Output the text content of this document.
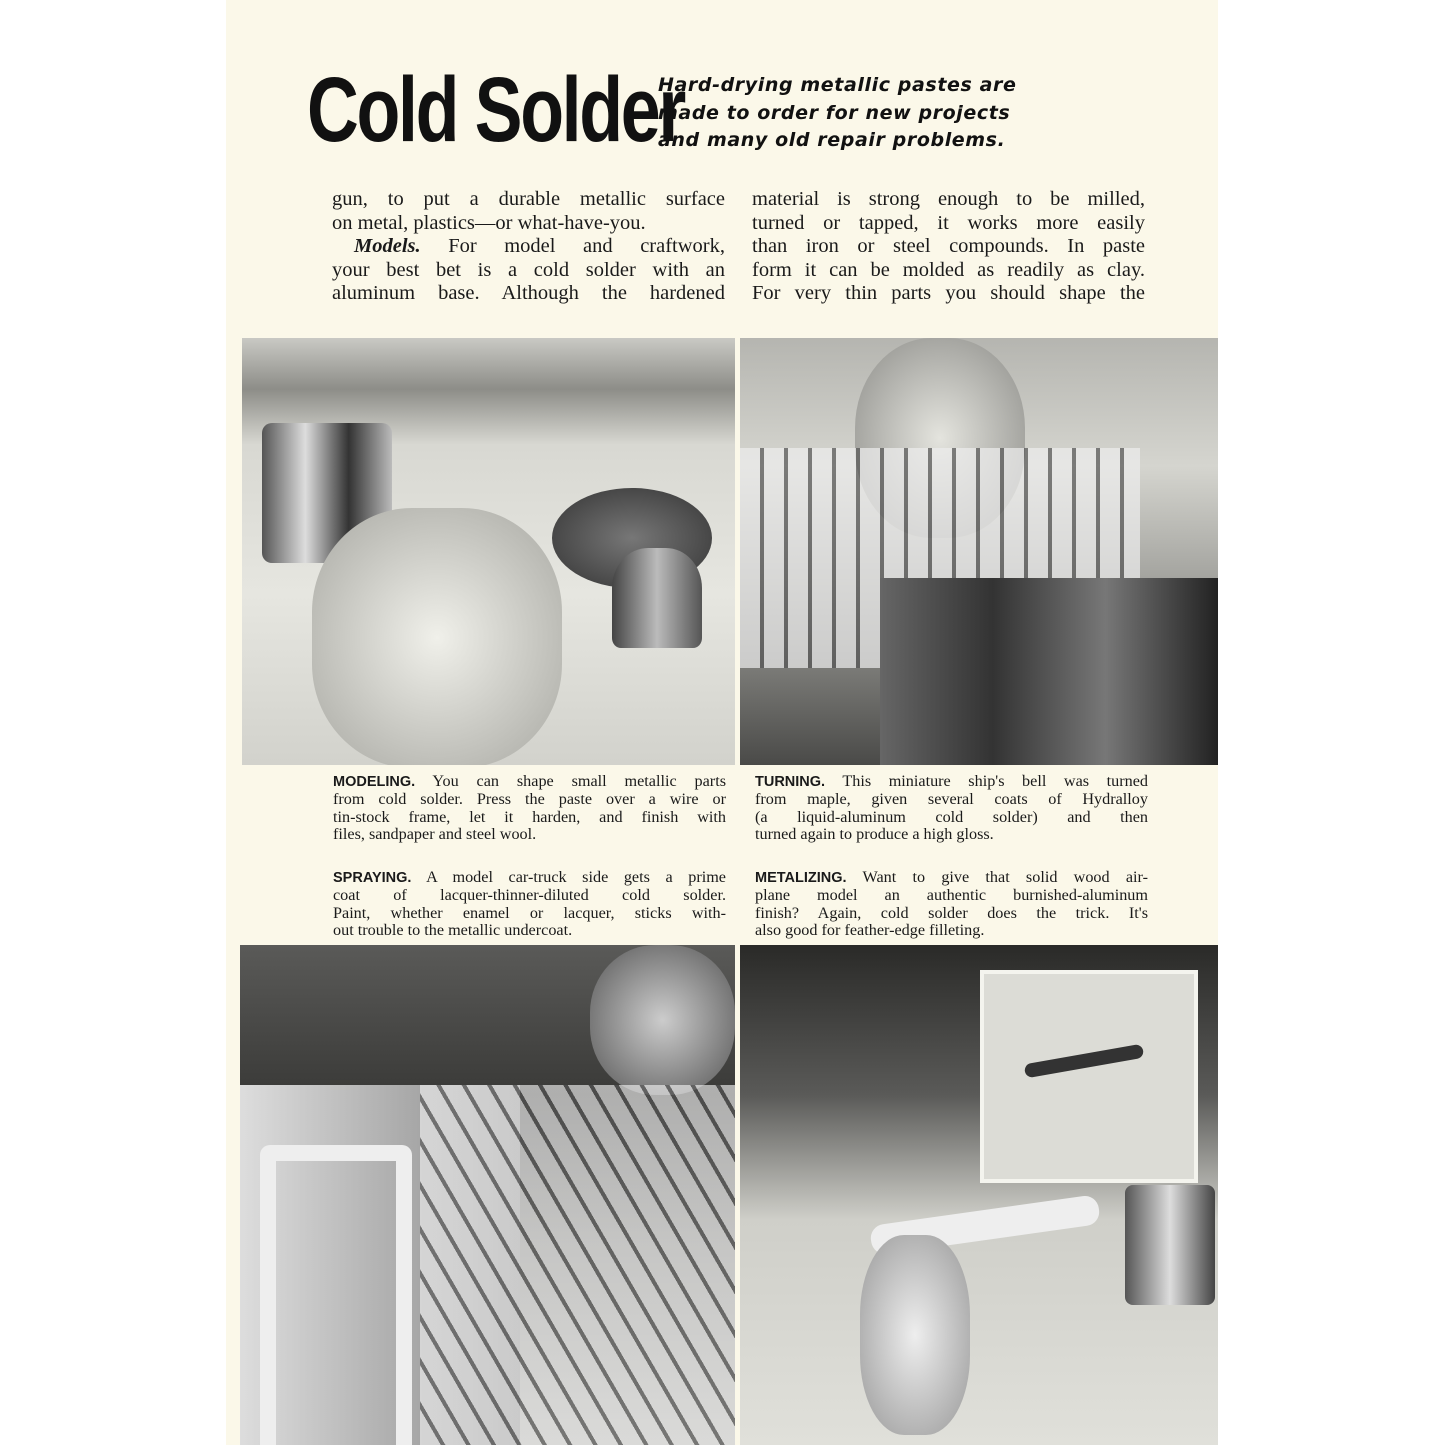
Cold Solder
Hard-drying metallic pastes are
made to order for new projects
and many old repair problems.
gun, to put a durable metallic surface
on metal, plastics—or what-have-you.
Models. For model and craftwork,
your best bet is a cold solder with an
aluminum base. Although the hardened
material is strong enough to be milled,
turned or tapped, it works more easily
than iron or steel compounds. In paste
form it can be molded as readily as clay.
For very thin parts you should shape the
MODELING. You can shape small metallic parts
from cold solder. Press the paste over a wire or
tin-stock frame, let it harden, and finish with
files, sandpaper and steel wool.
TURNING. This miniature ship's bell was turned
from maple, given several coats of Hydralloy
(a liquid-aluminum cold solder) and then
turned again to produce a high gloss.
SPRAYING. A model car-truck side gets a prime
coat of lacquer-thinner-diluted cold solder.
Paint, whether enamel or lacquer, sticks with-
out trouble to the metallic undercoat.
METALIZING. Want to give that solid wood air-
plane model an authentic burnished-aluminum
finish? Again, cold solder does the trick. It's
also good for feather-edge filleting.
